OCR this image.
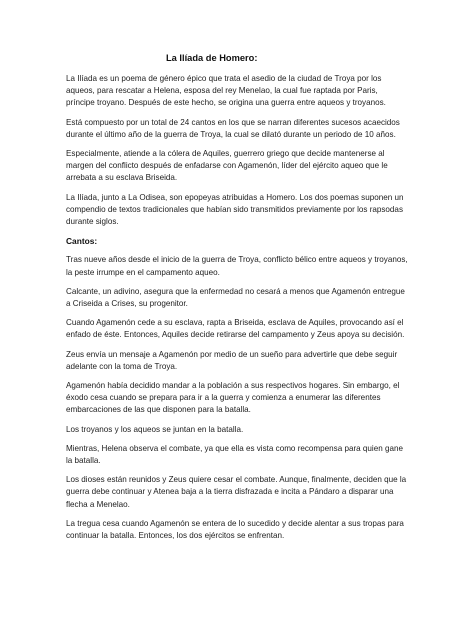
La Ilíada de Homero:

La Ilíada es un poema de género épico que trata el asedio de la ciudad de Troya por los aqueos, para rescatar a Helena, esposa del rey Menelao, la cual fue raptada por Paris, príncipe troyano. Después de este hecho, se origina una guerra entre aqueos y troyanos.

Está compuesto por un total de 24 cantos en los que se narran diferentes sucesos acaecidos durante el último año de la guerra de Troya, la cual se dilató durante un periodo de 10 años.

Especialmente, atiende a la cólera de Aquiles, guerrero griego que decide mantenerse al margen del conflicto después de enfadarse con Agamenón, líder del ejército aqueo que le arrebata a su esclava Briseida.

La Ilíada, junto a La Odisea, son epopeyas atribuidas a Homero. Los dos poemas suponen un compendio de textos tradicionales que habían sido transmitidos previamente por los rapsodas durante siglos.

Cantos:

Tras nueve años desde el inicio de la guerra de Troya, conflicto bélico entre aqueos y troyanos, la peste irrumpe en el campamento aqueo.

Calcante, un adivino, asegura que la enfermedad no cesará a menos que Agamenón entregue a Criseida a Crises, su progenitor.

Cuando Agamenón cede a su esclava, rapta a Briseida, esclava de Aquiles, provocando así el enfado de éste. Entonces, Aquiles decide retirarse del campamento y Zeus apoya su decisión.

Zeus envía un mensaje a Agamenón por medio de un sueño para advertirle que debe seguir adelante con la toma de Troya.

Agamenón había decidido mandar a la población a sus respectivos hogares. Sin embargo, el éxodo cesa cuando se prepara para ir a la guerra y comienza a enumerar las diferentes embarcaciones de las que disponen para la batalla.

Los troyanos y los aqueos se juntan en la batalla.

Mientras, Helena observa el combate, ya que ella es vista como recompensa para quien gane la batalla.

Los dioses están reunidos y Zeus quiere cesar el combate. Aunque, finalmente, deciden que la guerra debe continuar y Atenea baja a la tierra disfrazada e incita a Pándaro a disparar una flecha a Menelao.

La tregua cesa cuando Agamenón se entera de lo sucedido y decide alentar a sus tropas para continuar la batalla. Entonces, los dos ejércitos se enfrentan.
